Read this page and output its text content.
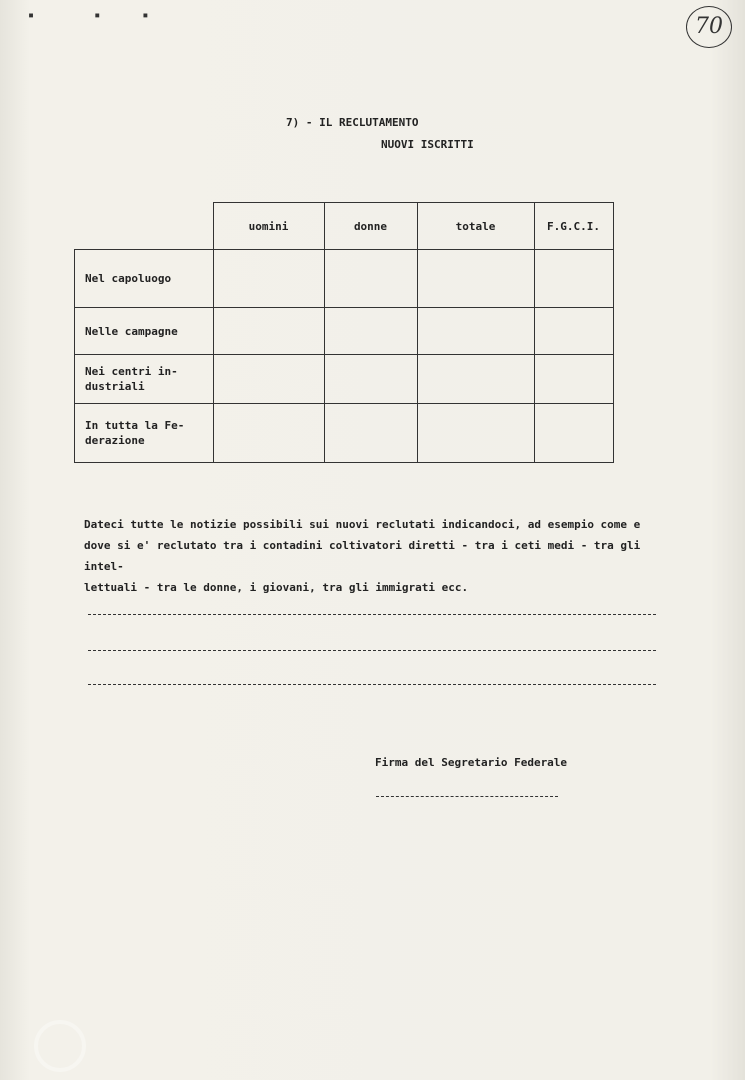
▪          ▪       ▪	70
7) - IL RECLUTAMENTO
NUOVI ISCRITTI
	uomini	donne	totale	F.G.C.I.
Nel capoluogo				
Nelle campagne				
Nei centri in-
dustriali				
In tutta la Fe-
derazione				
Dateci tutte le notizie possibili sui nuovi reclutati indicandoci, ad esempio come e
dove si e' reclutato tra i contadini coltivatori diretti - tra i ceti medi - tra gli intel-
lettuali - tra le donne, i giovani, tra gli immigrati ecc.
Firma del Segretario Federale
